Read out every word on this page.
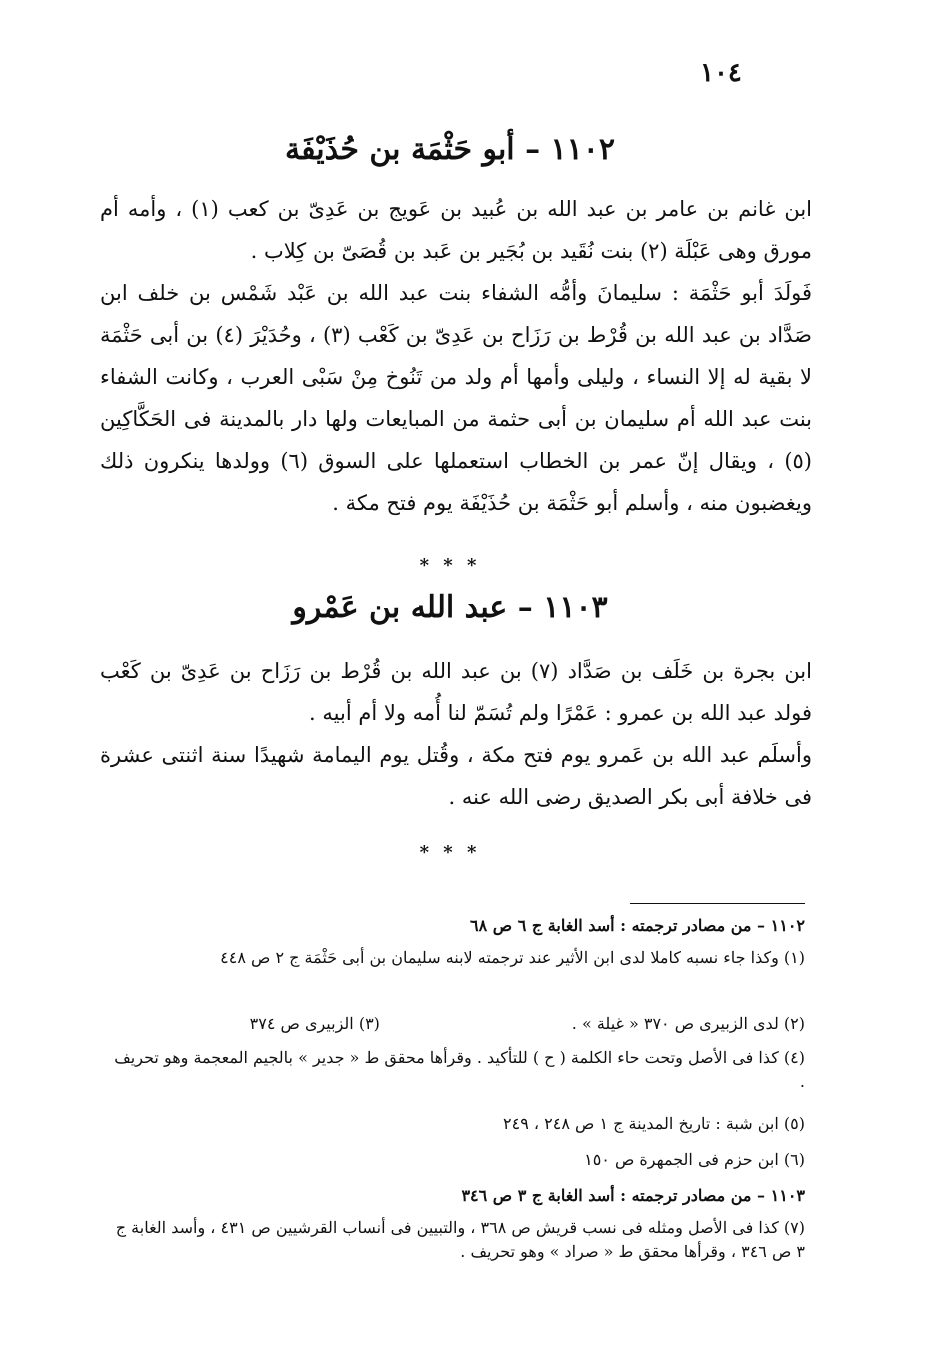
١٠٤
١١٠٢ – أبو حَثْمَة بن حُذَيْفَة
ابن غانم بن عامر بن عبد الله بن عُبيد بن عَويج بن عَدِىّ بن كعب (١) ، وأمه أم مورق وهى عَبْلَة (٢) بنت نُقَيد بن بُجَير بن عَبد بن قُصَىّ بن كِلاب .
فَولَدَ أبو حَثْمَة : سليمانَ وأمُّه الشفاء بنت عبد الله بن عَبْد شَمْس بن خلف ابن صَدَّاد بن عبد الله بن قُرْط بن رَزَاح بن عَدِىّ بن كَعْب (٣) ، وحُدَيْرَ (٤) بن أبى حَثْمَة لا بقية له إلا النساء ، وليلى وأمها أم ولد من تَنُوخ مِنْ سَبْى العرب ، وكانت الشفاء بنت عبد الله أم سليمان بن أبى حثمة من المبايعات ولها دار بالمدينة فى الحَكَّاكِين (٥) ، ويقال إنّ عمر بن الخطاب استعملها على السوق (٦) وولدها ينكرون ذلك ويغضبون منه ، وأسلم أبو حَثْمَة بن حُذَيْفَة يوم فتح مكة .
* * *
١١٠٣ – عبد الله بن عَمْرو
ابن بجرة بن خَلَف بن صَدَّاد (٧) بن عبد الله بن قُرْط بن رَزَاح بن عَدِىّ بن كَعْب فولد عبد الله بن عمرو : عَمْرًا ولم تُسَمّ لنا أُمه ولا أم أبيه .
وأسلَم عبد الله بن عَمرو يوم فتح مكة ، وقُتل يوم اليمامة شهيدًا سنة اثنتى عشرة فى خلافة أبى بكر الصديق رضى الله عنه .
* * *
١١٠٢ – من مصادر ترجمته : أسد الغابة ج ٦ ص ٦٨
(١) وكذا جاء نسبه كاملا لدى ابن الأثير عند ترجمته لابنه سليمان بن أبى حَثْمَة ج ٢ ص ٤٤٨
(٢) لدى الزبيرى ص ٣٧٠ « غيلة » . (٣) الزبيرى ص ٣٧٤
(٤) كذا فى الأصل وتحت حاء الكلمة ( ح ) للتأكيد . وقرأها محقق ط « جدير » بالجيم المعجمة وهو تحريف .
(٥) ابن شبة : تاريخ المدينة ج ١ ص ٢٤٨ ، ٢٤٩
(٦) ابن حزم فى الجمهرة ص ١٥٠
١١٠٣ – من مصادر ترجمته : أسد الغابة ج ٣ ص ٣٤٦
(٧) كذا فى الأصل ومثله فى نسب قريش ص ٣٦٨ ، والتبيين فى أنساب القرشيين ص ٤٣١ ، وأسد الغابة ج ٣ ص ٣٤٦ ، وقرأها محقق ط « صراد » وهو تحريف .
